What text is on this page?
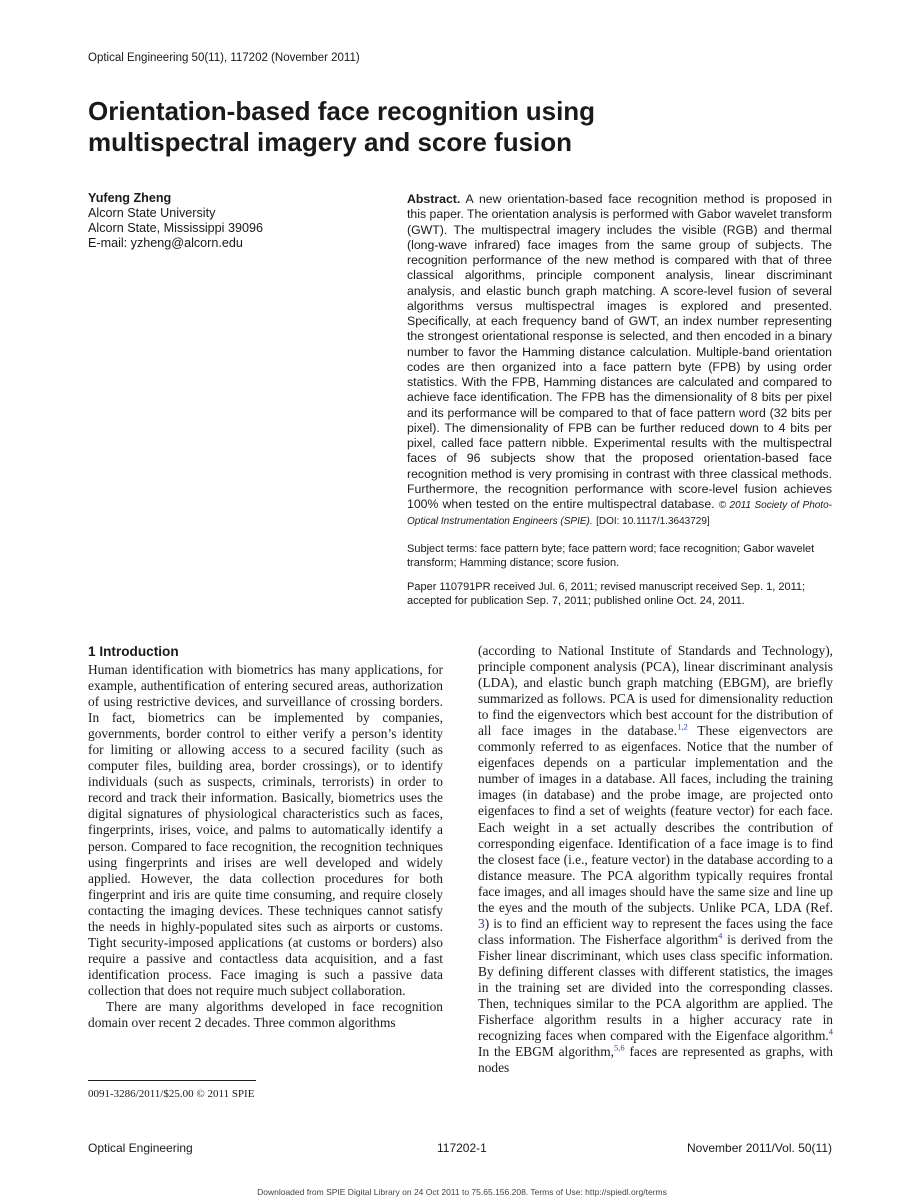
Optical Engineering 50(11), 117202 (November 2011)
Orientation-based face recognition using multispectral imagery and score fusion
Yufeng Zheng
Alcorn State University
Alcorn State, Mississippi 39096
E-mail: yzheng@alcorn.edu

Abstract. A new orientation-based face recognition method is proposed in this paper. The orientation analysis is performed with Gabor wavelet transform (GWT). The multispectral imagery includes the visible (RGB) and thermal (long-wave infrared) face images from the same group of subjects. The recognition performance of the new method is compared with that of three classical algorithms, principle component analysis, linear discriminant analysis, and elastic bunch graph matching. A score-level fusion of several algorithms versus multispectral images is explored and presented. Specifically, at each frequency band of GWT, an index number representing the strongest orientational response is selected, and then encoded in a binary number to favor the Hamming distance calculation. Multiple-band orientation codes are then organized into a face pattern byte (FPB) by using order statistics. With the FPB, Hamming distances are calculated and compared to achieve face identification. The FPB has the dimensionality of 8 bits per pixel and its performance will be compared to that of face pattern word (32 bits per pixel). The dimensionality of FPB can be further reduced down to 4 bits per pixel, called face pattern nibble. Experimental results with the multispectral faces of 96 subjects show that the proposed orientation-based face recognition method is very promising in contrast with three classical methods. Furthermore, the recognition performance with score-level fusion achieves 100% when tested on the entire multispectral database. © 2011 Society of Photo-Optical Instrumentation Engineers (SPIE). [DOI: 10.1117/1.3643729]

Subject terms: face pattern byte; face pattern word; face recognition; Gabor wavelet transform; Hamming distance; score fusion.

Paper 110791PR received Jul. 6, 2011; revised manuscript received Sep. 1, 2011; accepted for publication Sep. 7, 2011; published online Oct. 24, 2011.

1 Introduction

Human identification with biometrics has many applications, for example, authentification of entering secured areas, authorization of using restrictive devices, and surveillance of crossing borders. In fact, biometrics can be implemented by companies, governments, border control to either verify a person’s identity for limiting or allowing access to a secured facility (such as computer files, building area, border crossings), or to identify individuals (such as suspects, criminals, terrorists) in order to record and track their information. Basically, biometrics uses the digital signatures of physiological characteristics such as faces, fingerprints, irises, voice, and palms to automatically identify a person. Compared to face recognition, the recognition techniques using fingerprints and irises are well developed and widely applied. However, the data collection procedures for both fingerprint and iris are quite time consuming, and require closely contacting the imaging devices. These techniques cannot satisfy the needs in highly-populated sites such as airports or customs. Tight security-imposed applications (at customs or borders) also require a passive and contactless data acquisition, and a fast identification process. Face imaging is such a passive data collection that does not require much subject collaboration.

There are many algorithms developed in face recognition domain over recent 2 decades. Three common algorithms

(according to National Institute of Standards and Technology), principle component analysis (PCA), linear discriminant analysis (LDA), and elastic bunch graph matching (EBGM), are briefly summarized as follows. PCA is used for dimensionality reduction to find the eigenvectors which best account for the distribution of all face images in the database.$^{1,2}$ These eigenvectors are commonly referred to as eigenfaces. Notice that the number of eigenfaces depends on a particular implementation and the number of images in a database. All faces, including the training images (in database) and the probe image, are projected onto eigenfaces to find a set of weights (feature vector) for each face. Each weight in a set actually describes the contribution of corresponding eigenface. Identification of a face image is to find the closest face (i.e., feature vector) in the database according to a distance measure. The PCA algorithm typically requires frontal face images, and all images should have the same size and line up the eyes and the mouth of the subjects. Unlike PCA, LDA (Ref. 3) is to find an efficient way to represent the faces using the face class information. The Fisherface algorithm$^4$ is derived from the Fisher linear discriminant, which uses class specific information. By defining different classes with different statistics, the images in the training set are divided into the corresponding classes. Then, techniques similar to the PCA algorithm are applied. The Fisherface algorithm results in a higher accuracy rate in recognizing faces when compared with the Eigenface algorithm.$^4$ In the EBGM algorithm,$^{5,6}$ faces are represented as graphs, with nodes

0091-3286/2011/$25.00 © 2011 SPIE
Optical Engineering	117202-1	November 2011/Vol. 50(11)
Downloaded from SPIE Digital Library on 24 Oct 2011 to 75.65.156.208. Terms of Use: http://spiedl.org/terms
